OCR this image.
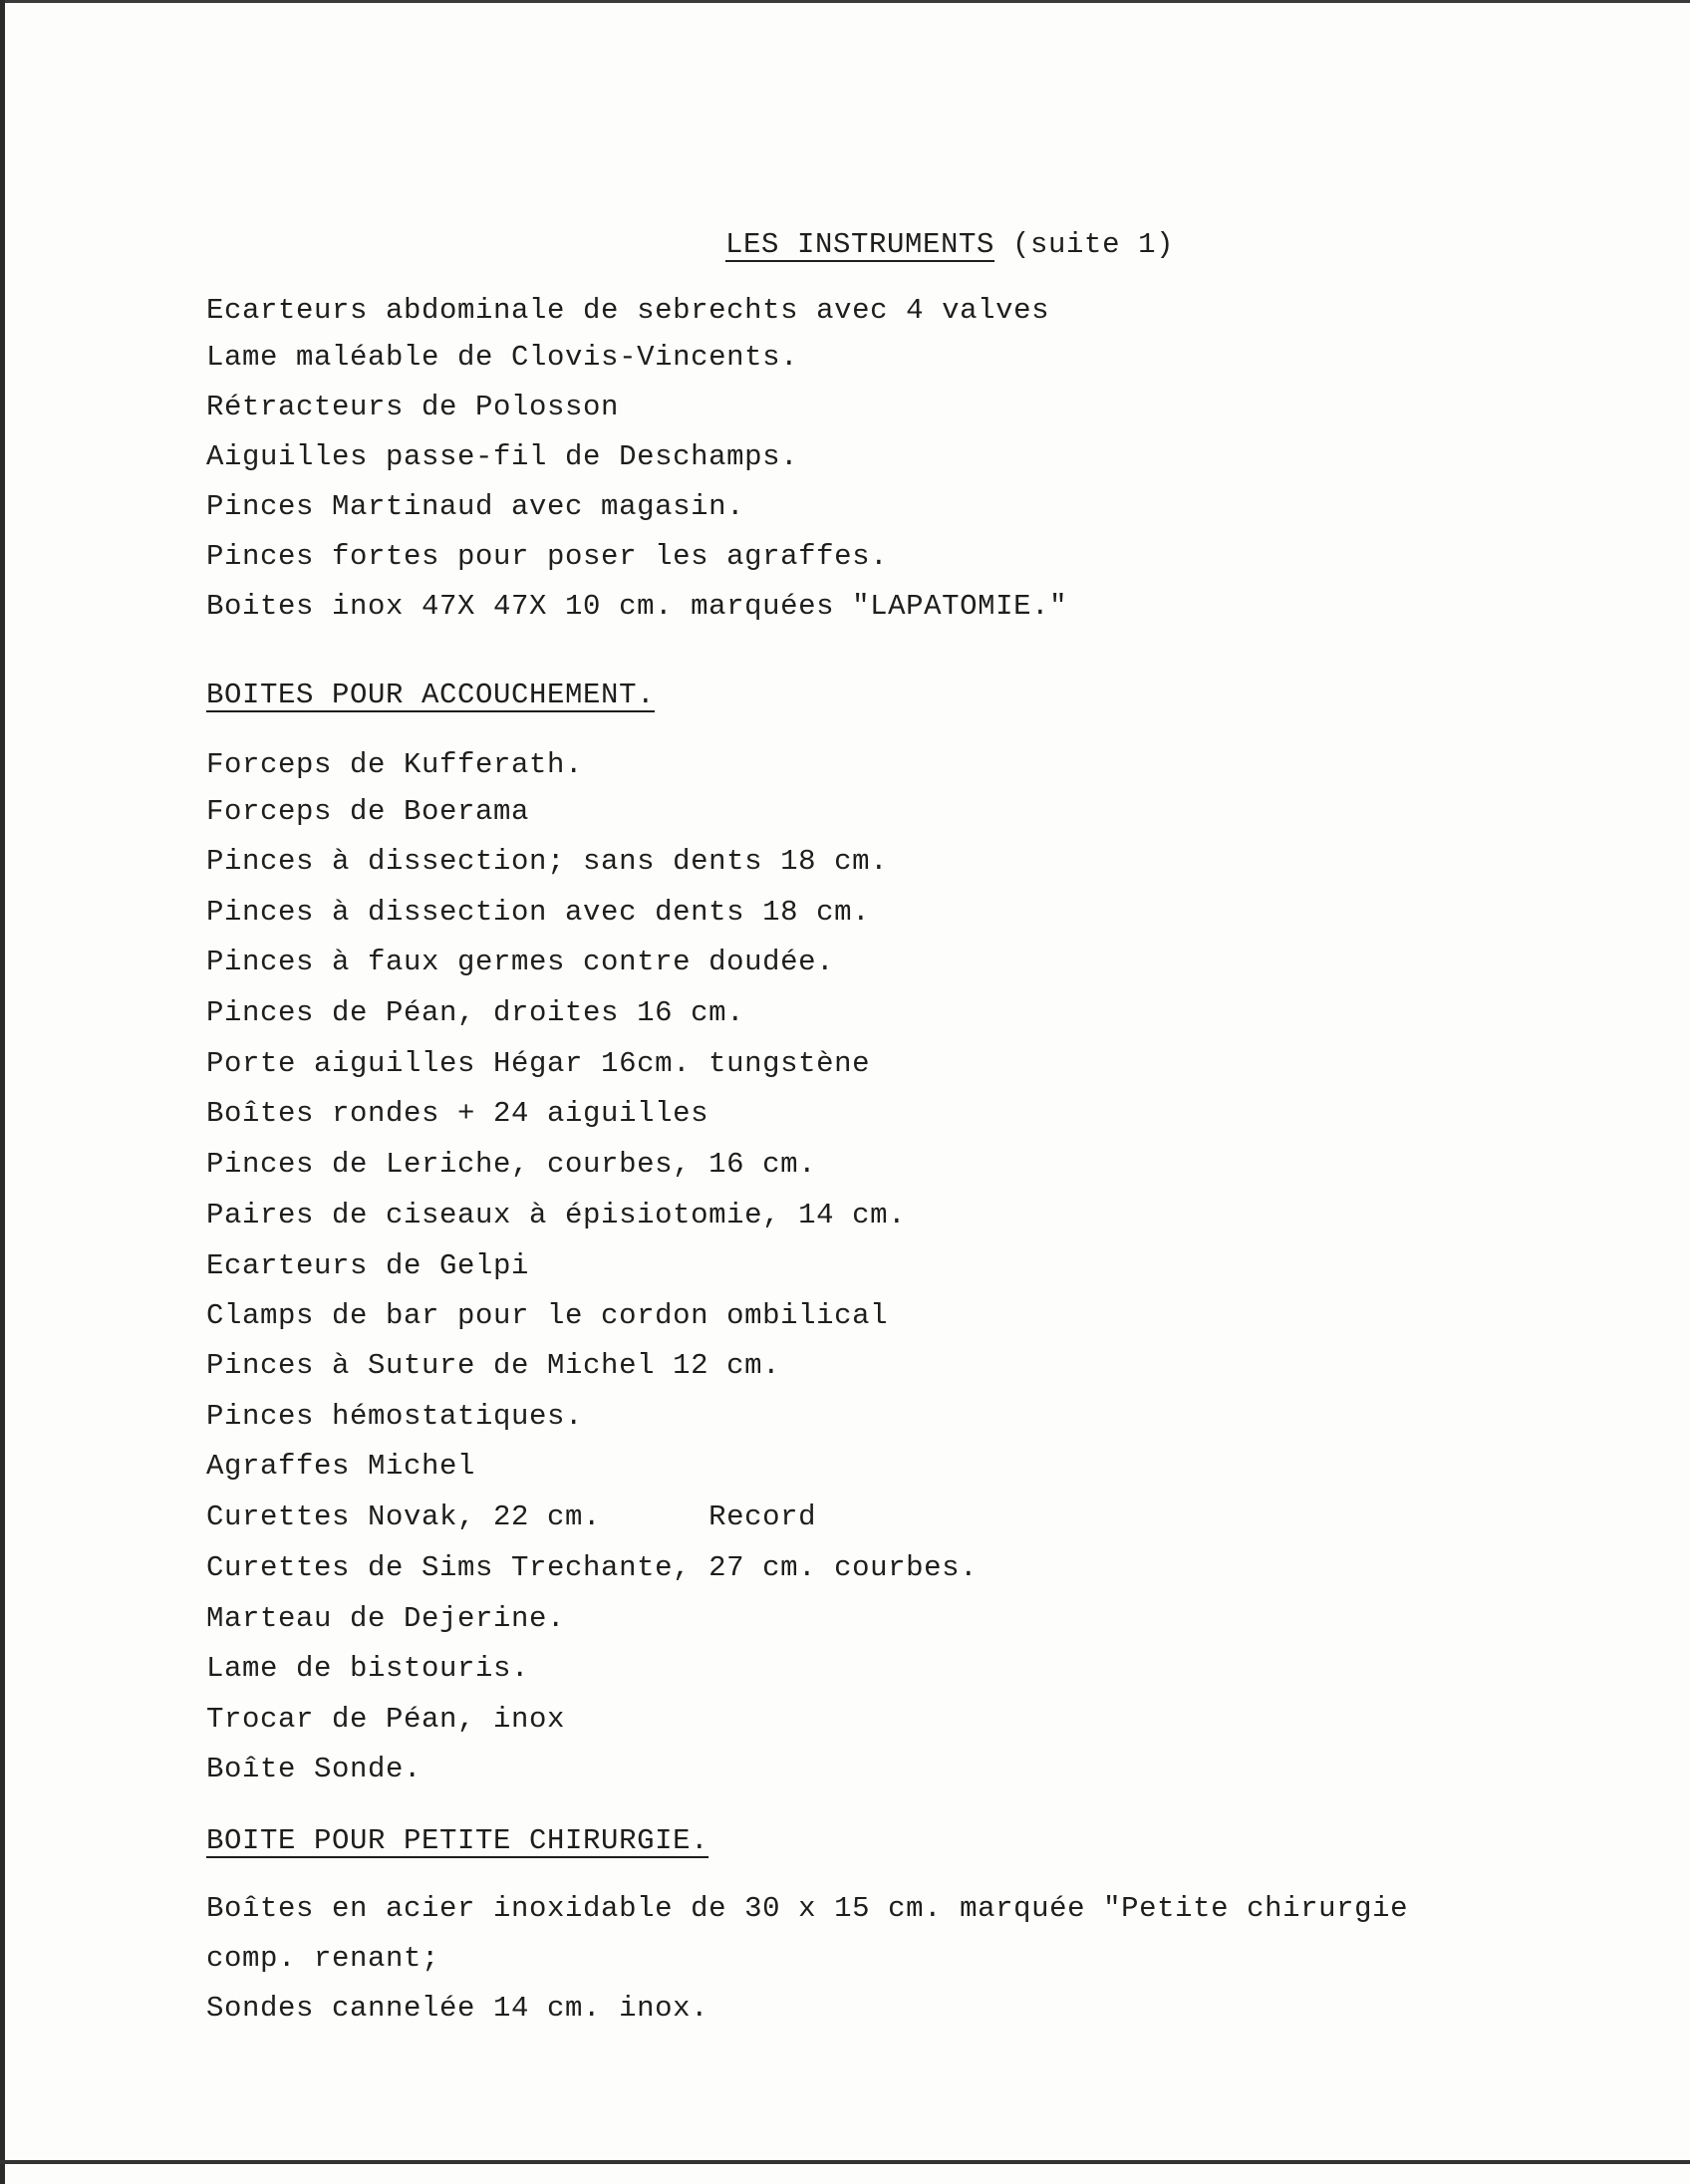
LES INSTRUMENTS (suite 1)
Ecarteurs abdominale de sebrechts avec 4 valves
Lame maléable de Clovis-Vincents.
Rétracteurs de Polosson
Aiguilles passe-fil de Deschamps.
Pinces Martinaud avec magasin.
Pinces fortes pour poser les agraffes.
Boites inox 47X 47X 10 cm. marquées "LAPATOMIE."
BOITES POUR ACCOUCHEMENT.
Forceps de Kufferath.
Forceps de Boerama
Pinces à dissection; sans dents 18 cm.
Pinces à dissection avec dents 18 cm.
Pinces à faux germes contre doudée.
Pinces de Péan, droites 16 cm.
Porte aiguilles Hégar 16cm. tungstène
Boîtes rondes + 24 aiguilles
Pinces de Leriche, courbes, 16 cm.
Paires de ciseaux à épisiotomie, 14 cm.
Ecarteurs de Gelpi
Clamps de bar pour le cordon ombilical
Pinces à Suture de Michel 12 cm.
Pinces hémostatiques.
Agraffes Michel
Curettes Novak, 22 cm.      Record
Curettes de Sims Trechante, 27 cm. courbes.
Marteau de Dejerine.
Lame de bistouris.
Trocar de Péan, inox
Boîte Sonde.
BOITE POUR PETITE CHIRURGIE.
Boîtes en acier inoxidable de 30 x 15 cm. marquée "Petite chirurgie
comp. renant;
Sondes cannelée 14 cm. inox.
